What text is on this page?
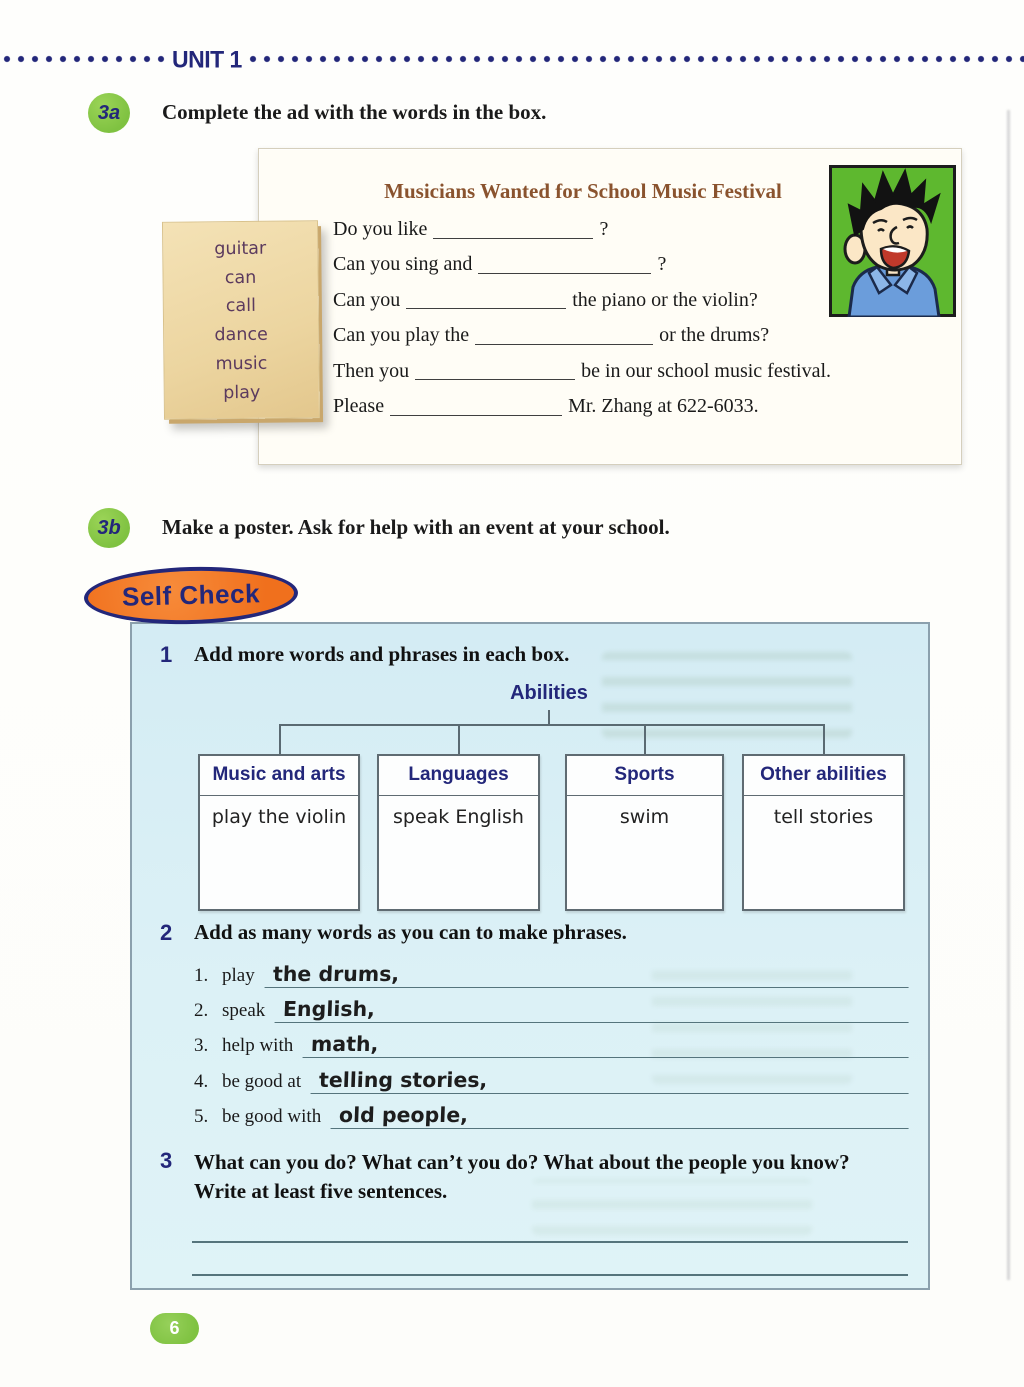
UNIT 1
3a	Complete the ad with the words in the box.
Musicians Wanted for School Music Festival
Do you like	?
Can you sing and	?
Can you	the piano or the violin?
Can you play the	or the drums?
Then you	be in our school music festival.
Please	Mr. Zhang at 622-6033.
guitar
can
call
dance
music
play
3b	Make a poster. Ask for help with an event at your school.
Self Check
1 Add more words and phrases in each box.
Abilities
Music and arts
play the violin
Languages
speak English
Sports
swim
Other abilities
tell stories
2 Add as many words as you can to make phrases.
1. play the drums,
2. speak English,
3. help with math,
4. be good at telling stories,
5. be good with old people,
3 What can you do? What can’t you do? What about the people you know? Write at least five sentences.
6
